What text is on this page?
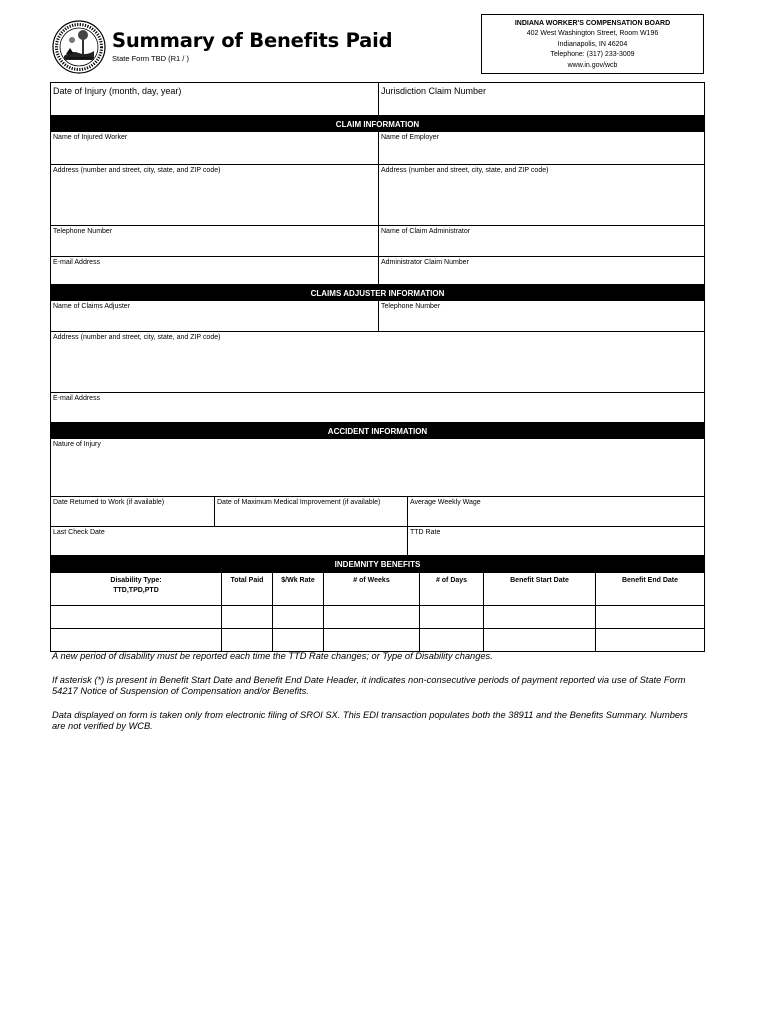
Summary of Benefits Paid
State Form TBD (R1 / )
INDIANA WORKER'S COMPENSATION BOARD
402 West Washington Street, Room W196
Indianapolis, IN 46204
Telephone: (317) 233-3009
www.in.gov/wcb
Date of Injury (month, day, year)	Jurisdiction Claim Number
CLAIM INFORMATION
Name of Injured Worker	Name of Employer
Address (number and street, city, state, and ZIP code)	Address (number and street, city, state, and ZIP code)
Telephone Number	Name of Claim Administrator
E-mail Address	Administrator Claim Number
CLAIMS ADJUSTER INFORMATION
Name of Claims Adjuster	Telephone Number
Address (number and street, city, state, and ZIP code)
E-mail Address
ACCIDENT INFORMATION
Nature of Injury
Date Returned to Work (if available)	Date of Maximum Medical Improvement (if available)	Average Weekly Wage
Last Check Date	TTD Rate
INDEMNITY BENEFITS
Disability Type:
TTD,TPD,PTD	Total Paid	$/Wk Rate	# of Weeks	# of Days	Benefit Start Date	Benefit End Date

A new period of disability must be reported each time the TTD Rate changes; or Type of Disability changes.

If asterisk (*) is present in Benefit Start Date and Benefit End Date Header, it indicates non-consecutive periods of payment reported via use of State Form 54217 Notice of Suspension of Compensation and/or Benefits.

Data displayed on form is taken only from electronic filing of SROI SX. This EDI transaction populates both the 38911 and the Benefits Summary. Numbers are not verified by WCB.
